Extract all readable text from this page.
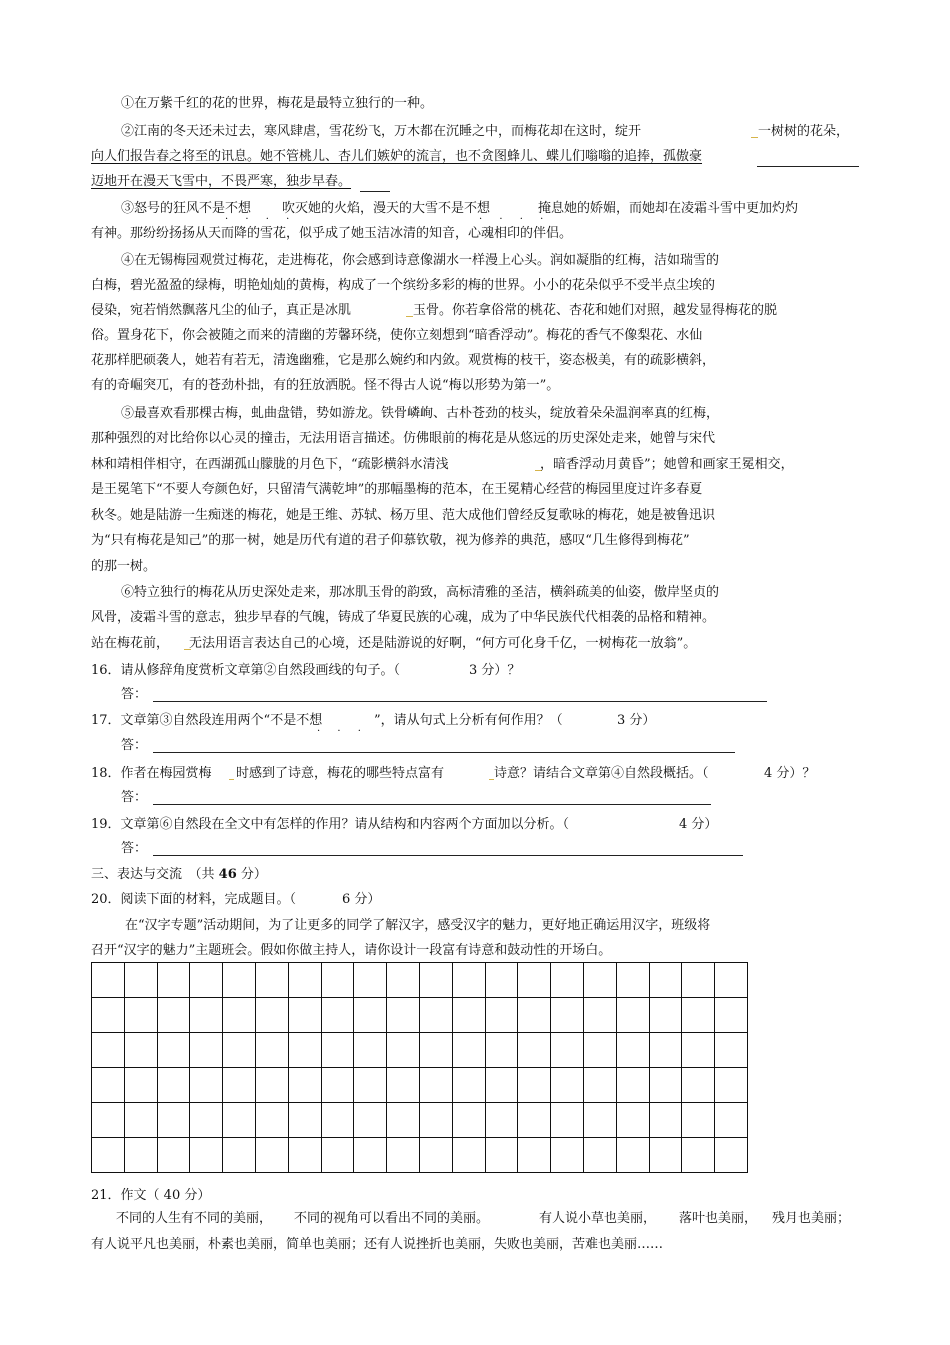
①在万紫千红的花的世界，梅花是最特立独行的一种。
②江南的冬天还未过去，寒风肆虐，雪花纷飞，万木都在沉睡之中，而梅花却在这时，绽开	一树树的花朵，
向人们报告春之将至的讯息。她不管桃儿、杏儿们嫉妒的流言，也不贪图蜂儿、蝶儿们嗡嗡的追捧，孤傲豪
迈地开在漫天飞雪中，不畏严寒，独步早春。
③怒号的狂风不是不想
· · · ·
吹灭她的火焰，漫天的大雪不是不想
· · · ·
掩息她的娇媚，而她却在凌霜斗雪中更加灼灼
有神。那纷纷扬扬从天而降的雪花，似乎成了她玉洁冰清的知音，心魂相印的伴侣。
④在无锡梅园观赏过梅花，走进梅花，你会感到诗意像湖水一样漫上心头。润如凝脂的红梅，洁如瑞雪的
白梅，碧光盈盈的绿梅，明艳灿灿的黄梅，构成了一个缤纷多彩的梅的世界。小小的花朵似乎不受半点尘埃的
侵染，宛若悄然飘落凡尘的仙子，真正是冰肌	玉骨。你若拿俗常的桃花、杏花和她们对照，越发显得梅花的脱
俗。置身花下，你会被随之而来的清幽的芳馨环绕，使你立刻想到“暗香浮动”。梅花的香气不像梨花、水仙
花那样肥硕袭人，她若有若无，清逸幽雅，它是那么婉约和内敛。观赏梅的枝干，姿态极美，有的疏影横斜，
有的奇崛突兀，有的苍劲朴拙，有的狂放洒脱。怪不得古人说“梅以形势为第一”。
⑤最喜欢看那棵古梅，虬曲盘错，势如游龙。铁骨嶙峋、古朴苍劲的枝头，绽放着朵朵温润率真的红梅，
那种强烈的对比给你以心灵的撞击，无法用语言描述。仿佛眼前的梅花是从悠远的历史深处走来，她曾与宋代
林和靖相伴相守，在西湖孤山朦胧的月色下，“疏影横斜水清浅	，暗香浮动月黄昏”；她曾和画家王冕相交，
是王冕笔下“不要人夸颜色好，只留清气满乾坤”的那幅墨梅的范本，在王冕精心经营的梅园里度过许多春夏
秋冬。她是陆游一生痴迷的梅花，她是王维、苏轼、杨万里、范大成他们曾经反复歌咏的梅花，她是被鲁迅识
为“只有梅花是知己”的那一树，她是历代有道的君子仰慕钦敬，视为修养的典范，感叹“几生修得到梅花”
的那一树。
⑥特立独行的梅花从历史深处走来，那冰肌玉骨的韵致，高标清雅的圣洁，横斜疏美的仙姿，傲岸坚贞的
风骨，凌霜斗雪的意志，独步早春的气魄，铸成了华夏民族的心魂，成为了中华民族代代相袭的品格和精神。
站在梅花前， 无法用语言表达自己的心境，还是陆游说的好啊，“何方可化身千亿，一树梅花一放翁”。
16．请从修辞角度赏析文章第②自然段画线的句子。（	3 分）？
答：
17．文章第③自然段连用两个“不是不想
· · ·
”，请从句式上分析有何作用？（	3 分）
答：
18．作者在梅园赏梅 时感到了诗意，梅花的哪些特点富有	诗意？请结合文章第④自然段概括。（	4 分）？
答：
19．文章第⑥自然段在全文中有怎样的作用？请从结构和内容两个方面加以分析。（	4 分）
答：
三、表达与交流　（共 46 分）
20．阅读下面的材料，完成题目。（	6 分）
在“汉字专题”活动期间，为了让更多的同学了解汉字，感受汉字的魅力，更好地正确运用汉字，班级将
召开“汉字的魅力”主题班会。假如你做主持人，请你设计一段富有诗意和鼓动性的开场白。

21．作文（ 40 分）
不同的人生有不同的美丽， 不同的视角可以看出不同的美丽。	有人说小草也美丽， 落叶也美丽， 残月也美丽；
有人说平凡也美丽，朴素也美丽，简单也美丽；还有人说挫折也美丽，失败也美丽，苦难也美丽……
